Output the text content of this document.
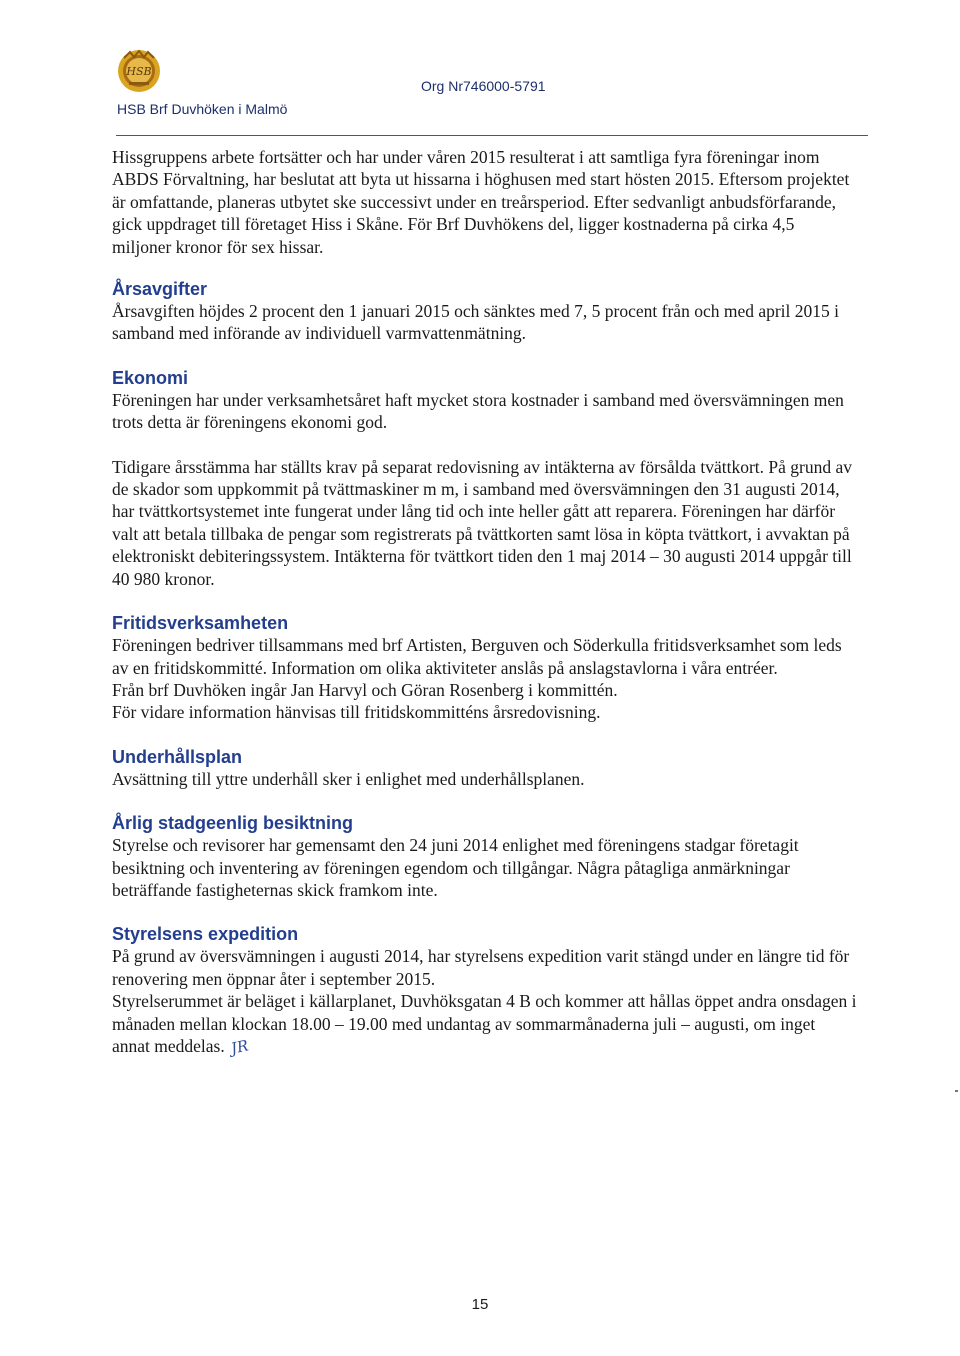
HSB
HSB Brf Duvhöken i Malmö
Org Nr746000-5791

Hissgruppens arbete fortsätter och har under våren 2015 resulterat i att samtliga fyra föreningar inom ABDS Förvaltning, har beslutat att byta ut hissarna i höghusen med start hösten 2015. Eftersom projektet är omfattande, planeras utbytet ske successivt under en treårsperiod. Efter sedvanligt anbudsförfarande, gick uppdraget till företaget Hiss i Skåne. För Brf Duvhökens del, ligger kostnaderna på cirka 4,5 miljoner kronor för sex hissar.

Årsavgifter

Årsavgiften höjdes 2 procent den 1 januari 2015 och sänktes med 7, 5 procent från och med april 2015 i samband med införande av individuell varmvattenmätning.

Ekonomi

Föreningen har under verksamhetsåret haft mycket stora kostnader i samband med översvämningen men trots detta är föreningens ekonomi god.

Tidigare årsstämma har ställts krav på separat redovisning av intäkterna av försålda tvättkort. På grund av de skador som uppkommit på tvättmaskiner m m, i samband med översvämningen den 31 augusti 2014, har tvättkortsystemet inte fungerat under lång tid och inte heller gått att reparera. Föreningen har därför valt att betala tillbaka de pengar som registrerats på tvättkorten samt lösa in köpta tvättkort, i avvaktan på elektroniskt debiteringssystem. Intäkterna för tvättkort tiden den 1 maj 2014 – 30 augusti 2014 uppgår till 40 980 kronor.

Fritidsverksamheten

Föreningen bedriver tillsammans med brf Artisten, Berguven och Söderkulla fritidsverksamhet som leds av en fritidskommitté. Information om olika aktiviteter anslås på anslagstavlorna i våra entréer.

Från brf Duvhöken ingår Jan Harvyl och Göran Rosenberg i kommittén.

För vidare information hänvisas till fritidskommitténs årsredovisning.

Underhållsplan

Avsättning till yttre underhåll sker i enlighet med underhållsplanen.

Årlig stadgeenlig besiktning

Styrelse och revisorer har gemensamt den 24 juni 2014 enlighet med föreningens stadgar företagit besiktning och inventering av föreningen egendom och tillgångar. Några påtagliga anmärkningar beträffande fastigheternas skick framkom inte.

Styrelsens expedition

På grund av översvämningen i augusti 2014, har styrelsens expedition varit stängd under en längre tid för renovering men öppnar åter i september 2015.

Styrelserummet är beläget i källarplanet, Duvhöksgatan 4 B och kommer att hållas öppet andra onsdagen i månaden mellan klockan 18.00 – 19.00 med undantag av sommarmånaderna juli – augusti, om inget annat meddelas. JR

15
